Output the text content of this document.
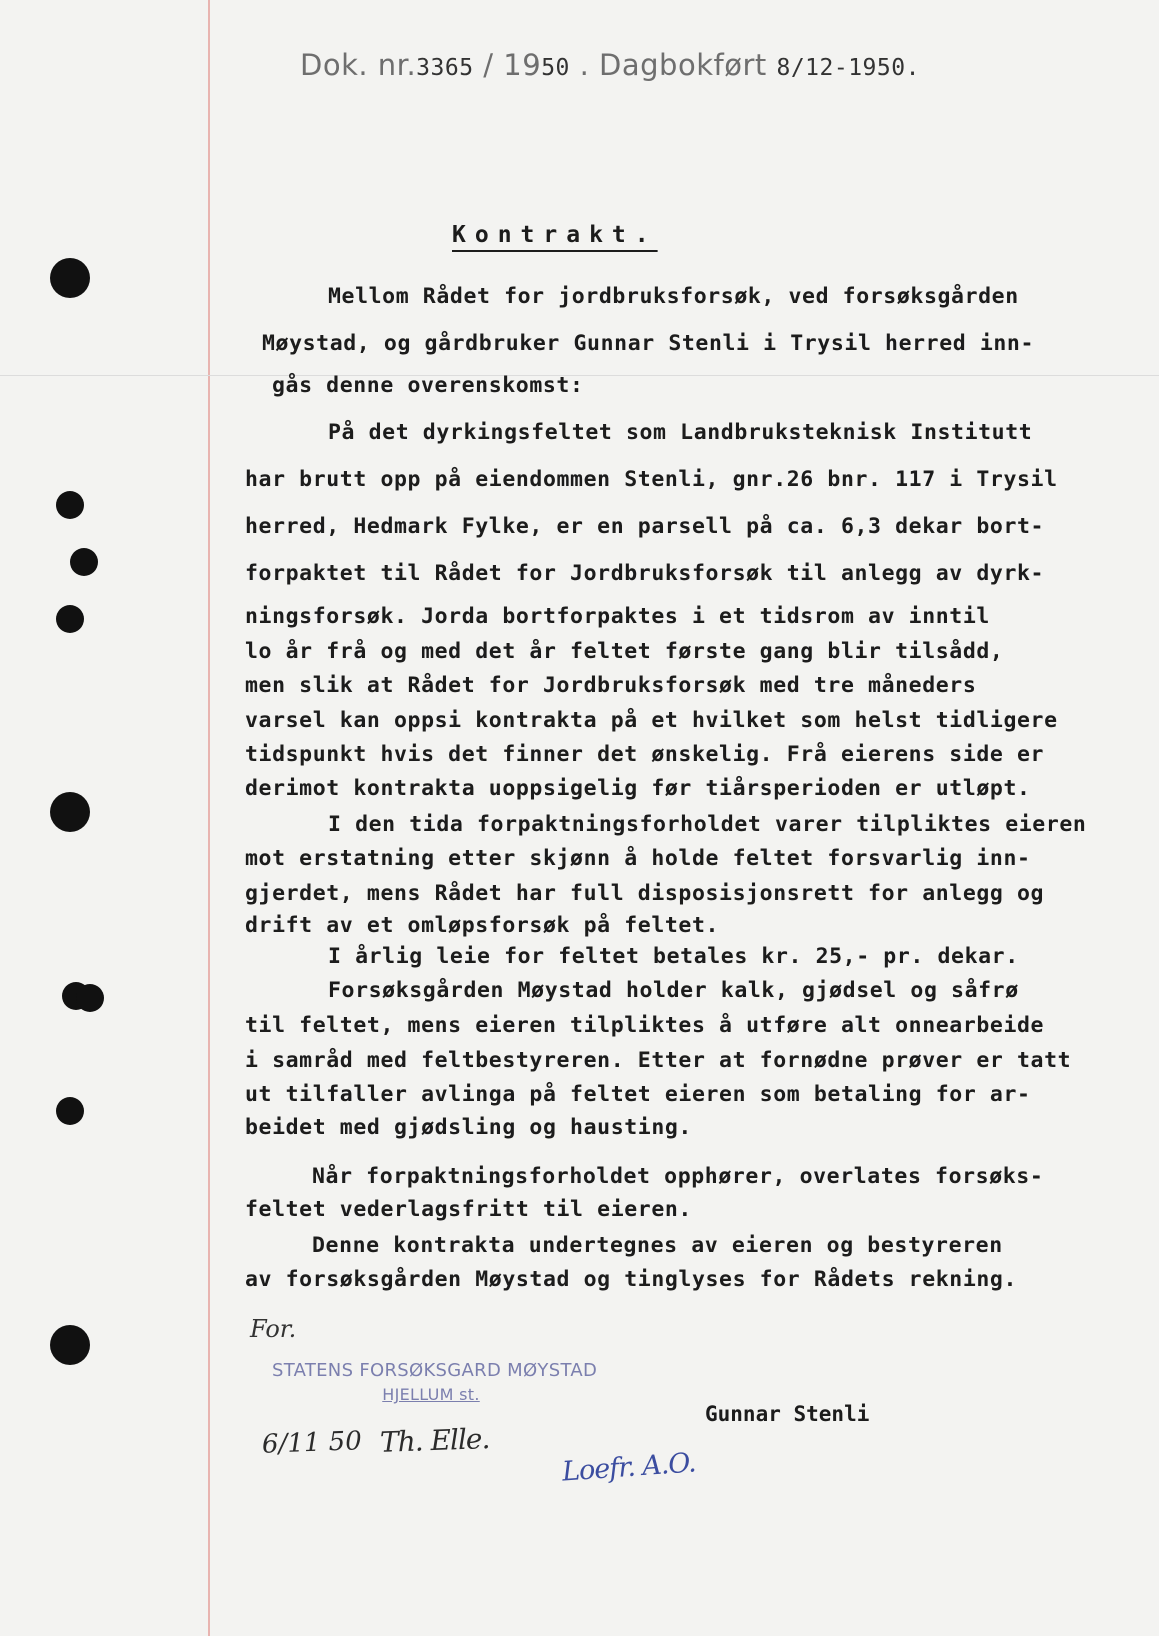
Dok. nr.3365 / 1950 . Dagbokført 8/12-1950.
Kontrakt.
Mellom Rådet for jordbruksforsøk, ved forsøksgården
Møystad, og gårdbruker Gunnar Stenli i Trysil herred inn-
gås denne overenskomst:
På det dyrkingsfeltet som Landbruksteknisk Institutt
har brutt opp på eiendommen Stenli, gnr.26 bnr. 117 i Trysil
herred, Hedmark Fylke, er en parsell på ca. 6,3 dekar bort-
forpaktet til Rådet for Jordbruksforsøk til anlegg av dyrk-
ningsforsøk. Jorda bortforpaktes i et tidsrom av inntil
lo år frå og med det år feltet første gang blir tilsådd,
men slik at Rådet for Jordbruksforsøk med tre måneders
varsel kan oppsi kontrakta på et hvilket som helst tidligere
tidspunkt hvis det finner det ønskelig. Frå eierens side er
derimot kontrakta uoppsigelig før tiårsperioden er utløpt.
I den tida forpaktningsforholdet varer tilpliktes eieren
mot erstatning etter skjønn å holde feltet forsvarlig inn-
gjerdet, mens Rådet har full disposisjonsrett for anlegg og
drift av et omløpsforsøk på feltet.
I årlig leie for feltet betales kr. 25,- pr. dekar.
Forsøksgården Møystad holder kalk, gjødsel og såfrø
til feltet, mens eieren tilpliktes å utføre alt onnearbeide
i samråd med feltbestyreren. Etter at fornødne prøver er tatt
ut tilfaller avlinga på feltet eieren som betaling for ar-
beidet med gjødsling og hausting.
Når forpaktningsforholdet opphører, overlates forsøks-
feltet vederlagsfritt til eieren.
Denne kontrakta undertegnes av eieren og bestyreren
av forsøksgården Møystad og tinglyses for Rådets rekning.
For.
STATENS FORSØKSGARD MØYSTAD
HJELLUM st.
6/11 50 Th. Elle.
Gunnar Stenli
Loefr. A.O.
